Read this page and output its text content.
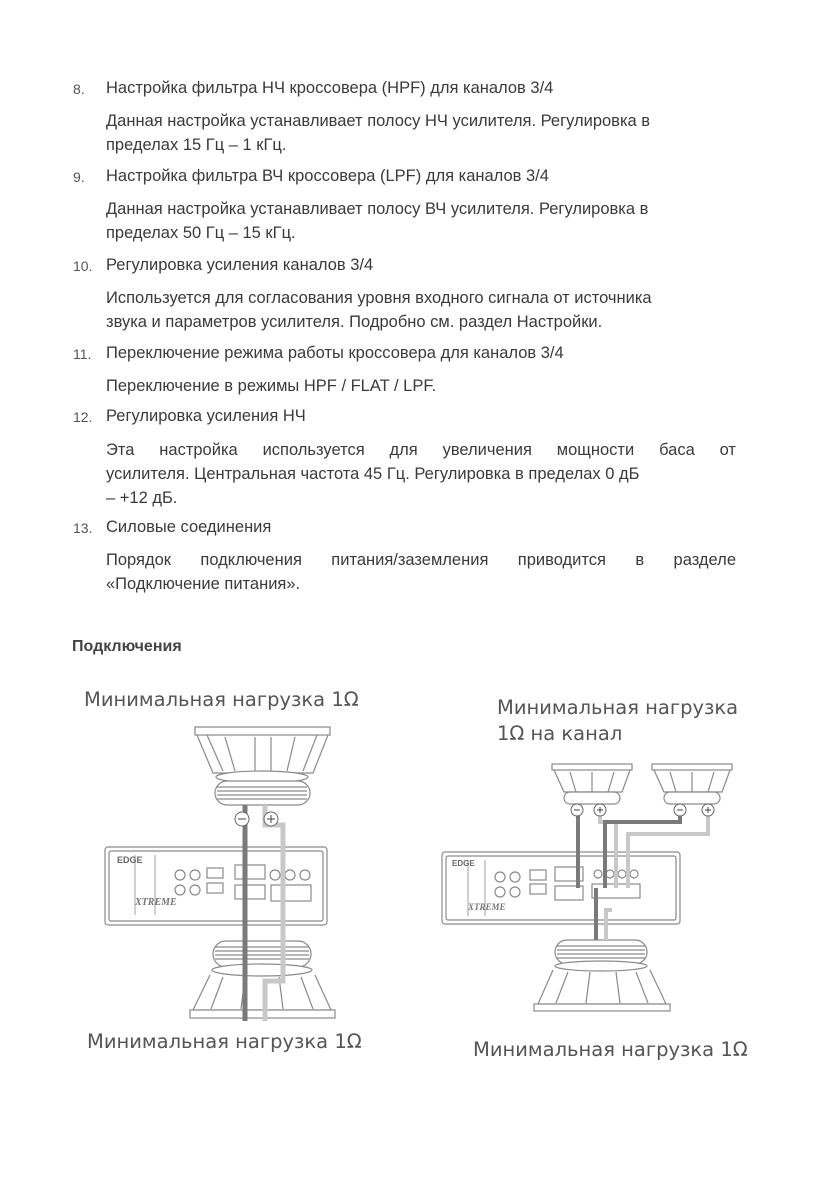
8. Настройка фильтра НЧ кроссовера (HPF) для каналов 3/4
Данная настройка устанавливает полосу НЧ усилителя. Регулировка в
пределах 15 Гц – 1 кГц.
9. Настройка фильтра ВЧ кроссовера (LPF) для каналов 3/4
Данная настройка устанавливает полосу ВЧ усилителя. Регулировка в
пределах 50 Гц – 15 кГц.
10. Регулировка усиления каналов 3/4
Используется для согласования уровня входного сигнала от источника
звука и параметров усилителя. Подробно см. раздел Настройки.
11. Переключение режима работы кроссовера для каналов 3/4
Переключение в режимы HPF / FLAT / LPF.
12. Регулировка усиления НЧ
Эта настройка используется для увеличения мощности баса от
усилителя. Центральная частота 45 Гц. Регулировка в пределах 0 дБ
– +12 дБ.
13. Силовые соединения
Порядок подключения питания/заземления приводится в разделе
«Подключение питания».
Подключения
Минимальная нагрузка 1Ω
Минимальная нагрузка 1Ω
Минимальная нагрузка
1Ω на канал
Минимальная нагрузка 1Ω
EDGE
XTREME
EDGE
XTREME
